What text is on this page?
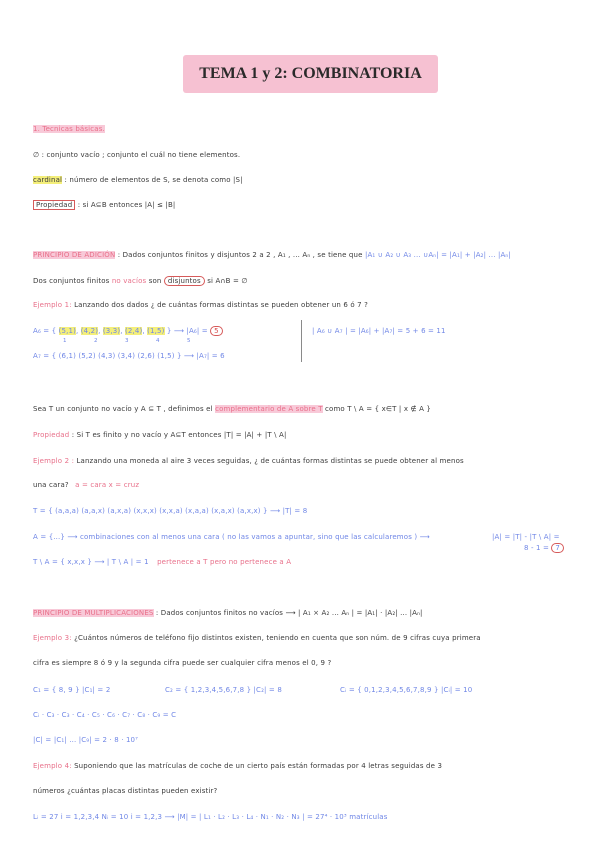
TEMA 1 y 2: COMBINATORIA
1. Tecnicas básicas.
∅ : conjunto vacío ; conjunto el cuál no tiene elementos.
cardinal : número de elementos de S, se denota como |S|
Propiedad : si A⊆B entonces |A| ≤ |B|
PRINCIPIO DE ADICIÓN : Dados conjuntos finitos y disjuntos 2 a 2 , A₁ , ... Aₙ , se tiene que |A₁ ∪ A₂ ∪ A₃ ... ∪Aₙ| = |A₁| + |A₂| ... |Aₙ|
Dos conjuntos finitos no vacíos son disjuntos si A∩B = ∅
Ejemplo 1: Lanzando dos dados ¿ de cuántas formas distintas se pueden obtener un 6 ó 7 ?
A₆ = { (5,1), (4,2), (3,3), (2,4), (1,5) } ⟶ |A₆| = 5
1	2	3	4	5
A₇ = { (6,1) (5,2) (4,3) (3,4) (2,6) (1,5) } ⟶ |A₇| = 6
| A₆ ∪ A₇ | = |A₆| + |A₇| = 5 + 6 = 11
Sea T un conjunto no vacío y A ⊆ T , definimos el complementario de A sobre T como T \ A = { x∈T | x ∉ A }
Propiedad : Si T es finito y no vacío y A⊆T entonces |T| = |A| + |T \ A|
Ejemplo 2 : Lanzando una moneda al aire 3 veces seguidas, ¿ de cuántas formas distintas se puede obtener al menos
una cara? a = cara x = cruz
T = { (a,a,a) (a,a,x) (a,x,a) (x,x,x) (x,x,a) (x,a,a) (x,a,x) (a,x,x) } ⟶ |T| = 8
A = {...} ⟶ combinaciones con al menos una cara ( no las vamos a apuntar, sino que las calcularemos ) ⟶	|A| = |T| - |T \ A| =
8 - 1 = 7
T \ A = { x,x,x } ⟶ | T \ A | = 1 pertenece a T pero no pertenece a A
PRINCIPIO DE MULTIPLICACIONES : Dados conjuntos finitos no vacíos ⟶ | A₁ × A₂ ... Aₙ | = |A₁| · |A₂| ... |Aₙ|
Ejemplo 3: ¿Cuántos números de teléfono fijo distintos existen, teniendo en cuenta que son núm. de 9 cifras cuya primera
cifra es siempre 8 ó 9 y la segunda cifra puede ser cualquier cifra menos el 0, 9 ?
C₁ = { 8, 9 } |C₁| = 2	C₂ = { 1,2,3,4,5,6,7,8 } |C₂| = 8	Cᵢ = { 0,1,2,3,4,5,6,7,8,9 } |Cᵢ| = 10
Cᵢ · C₃ · C₃ · C₄ · C₅ · C₆ · C₇ · C₈ · C₉ = C
|C| = |C₁| ... |C₉| = 2 · 8 · 10⁷
Ejemplo 4: Suponiendo que las matrículas de coche de un cierto país están formadas por 4 letras seguidas de 3
números ¿cuántas placas distintas pueden existir?
Lᵢ = 27 i = 1,2,3,4 Nᵢ = 10 i = 1,2,3 ⟶ |M| = | L₁ · L₂ · L₃ · L₄ · N₁ · N₂ · N₃ | = 27⁴ · 10³ matrículas
